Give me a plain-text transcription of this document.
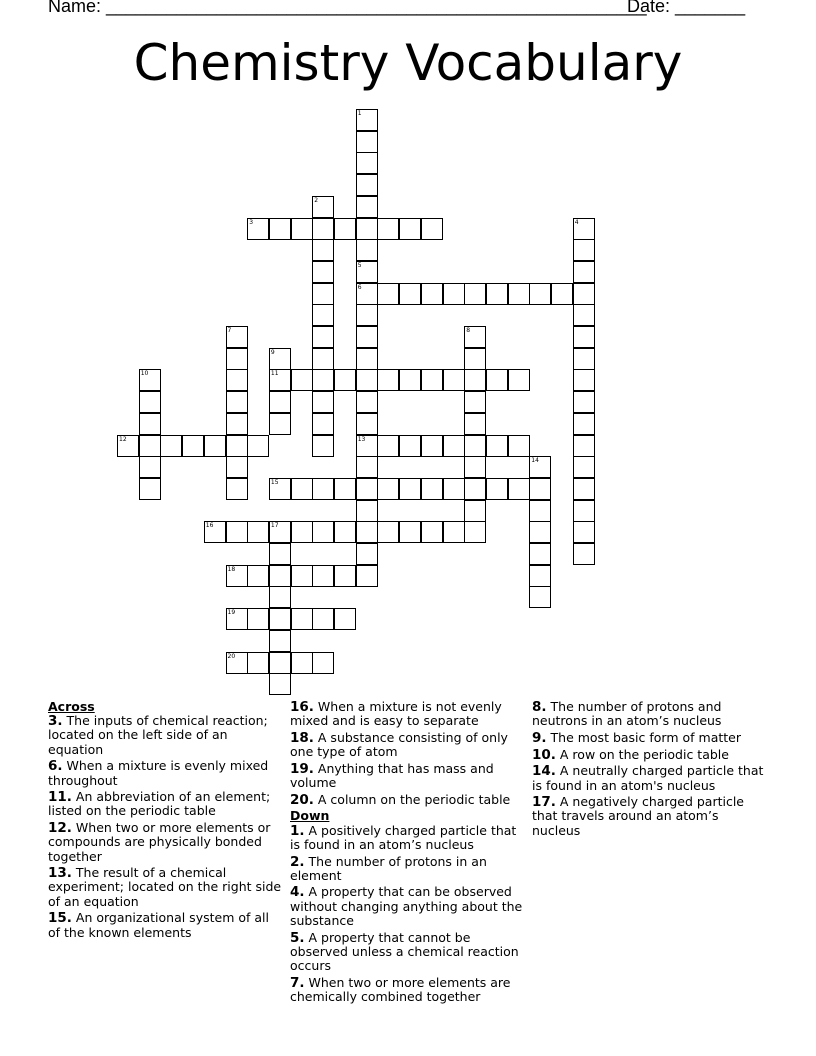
Name: ______________________________________________________
Date: _______
Chemistry Vocabulary
1
5
6
13
2
3	4
7	8
9
11
10
12
14
15
16	17
18
19
20
Across
3. The inputs of chemical reaction; located on the left side of an equation
6. When a mixture is evenly mixed throughout
11. An abbreviation of an element; listed on the periodic table
12. When two or more elements or compounds are physically bonded together
13. The result of a chemical experiment; located on the right side of an equation
15. An organizational system of all of the known elements
16. When a mixture is not evenly mixed and is easy to separate
18. A substance consisting of only one type of atom
19. Anything that has mass and volume
20. A column on the periodic table
Down
1. A positively charged particle that is found in an atom’s nucleus
2. The number of protons in an element
4. A property that can be observed without changing anything about the substance
5. A property that cannot be observed unless a chemical reaction occurs
7. When two or more elements are chemically combined together
8. The number of protons and neutrons in an atom’s nucleus
9. The most basic form of matter
10. A row on the periodic table
14. A neutrally charged particle that is found in an atom's nucleus
17. A negatively charged particle that travels around an atom’s nucleus
